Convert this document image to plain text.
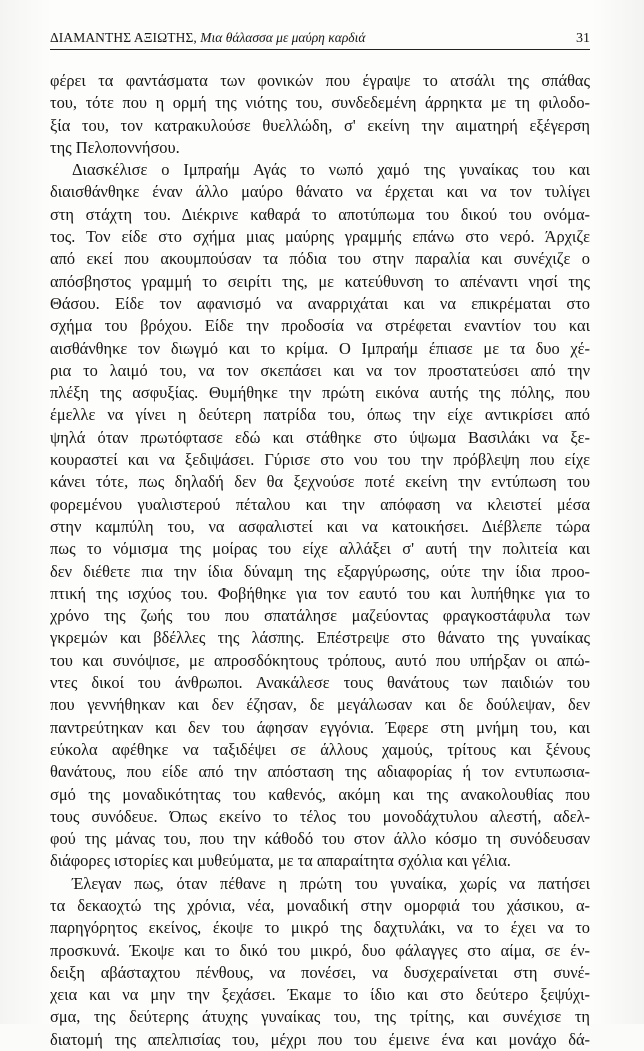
ΔΙΑΜΑΝΤΗΣ ΑΞΙΩΤΗΣ, Μια θάλασσα με μαύρη καρδιά	31
φέρει τα φαντάσματα των φονικών που έγραψε το ατσάλι της σπάθας
του, τότε που η ορμή της νιότης του, συνδεδεμένη άρρηκτα με τη φιλοδο-
ξία του, τον κατρακυλούσε θυελλώδη, σ' εκείνη την αιματηρή εξέγερση
της Πελοποννήσου.
Διασκέλισε ο Ιμπραήμ Αγάς το νωπό χαμό της γυναίκας του και
διαισθάνθηκε έναν άλλο μαύρο θάνατο να έρχεται και να τον τυλίγει
στη στάχτη του. Διέκρινε καθαρά το αποτύπωμα του δικού του ονόμα-
τος. Τον είδε στο σχήμα μιας μαύρης γραμμής επάνω στο νερό. Άρχιζε
από εκεί που ακουμπούσαν τα πόδια του στην παραλία και συνέχιζε ο
απόσβηστος γραμμή το σειρίτι της, με κατεύθυνση το απέναντι νησί της
Θάσου. Είδε τον αφανισμό να αναρριχάται και να επικρέμαται στο
σχήμα του βρόχου. Είδε την προδοσία να στρέφεται εναντίον του και
αισθάνθηκε τον διωγμό και το κρίμα. Ο Ιμπραήμ έπιασε με τα δυο χέ-
ρια το λαιμό του, να τον σκεπάσει και να τον προστατεύσει από την
πλέξη της ασφυξίας. Θυμήθηκε την πρώτη εικόνα αυτής της πόλης, που
έμελλε να γίνει η δεύτερη πατρίδα του, όπως την είχε αντικρίσει από
ψηλά όταν πρωτόφτασε εδώ και στάθηκε στο ύψωμα Βασιλάκι να ξε-
κουραστεί και να ξεδιψάσει. Γύρισε στο νου του την πρόβλεψη που είχε
κάνει τότε, πως δηλαδή δεν θα ξεχνούσε ποτέ εκείνη την εντύπωση του
φορεμένου γυαλιστερού πέταλου και την απόφαση να κλειστεί μέσα
στην καμπύλη του, να ασφαλιστεί και να κατοικήσει. Διέβλεπε τώρα
πως το νόμισμα της μοίρας του είχε αλλάξει σ' αυτή την πολιτεία και
δεν διέθετε πια την ίδια δύναμη της εξαργύρωσης, ούτε την ίδια προο-
πτική της ισχύος του. Φοβήθηκε για τον εαυτό του και λυπήθηκε για το
χρόνο της ζωής του που σπατάλησε μαζεύοντας φραγκοστάφυλα των
γκρεμών και βδέλλες της λάσπης. Επέστρεψε στο θάνατο της γυναίκας
του και συνόψισε, με απροσδόκητους τρόπους, αυτό που υπήρξαν οι απώ-
ντες δικοί του άνθρωποι. Ανακάλεσε τους θανάτους των παιδιών του
που γεννήθηκαν και δεν έζησαν, δε μεγάλωσαν και δε δούλεψαν, δεν
παντρεύτηκαν και δεν του άφησαν εγγόνια. Έφερε στη μνήμη του, και
εύκολα αφέθηκε να ταξιδέψει σε άλλους χαμούς, τρίτους και ξένους
θανάτους, που είδε από την απόσταση της αδιαφορίας ή τον εντυπωσια-
σμό της μοναδικότητας του καθενός, ακόμη και της ανακολουθίας που
τους συνόδευε. Όπως εκείνο το τέλος του μονοδάχτυλου αλεστή, αδελ-
φού της μάνας του, που την κάθοδό του στον άλλο κόσμο τη συνόδευσαν
διάφορες ιστορίες και μυθεύματα, με τα απαραίτητα σχόλια και γέλια.
Έλεγαν πως, όταν πέθανε η πρώτη του γυναίκα, χωρίς να πατήσει
τα δεκαοχτώ της χρόνια, νέα, μοναδική στην ομορφιά του χάσικου, α-
παρηγόρητος εκείνος, έκοψε το μικρό της δαχτυλάκι, να το έχει να το
προσκυνά. Έκοψε και το δικό του μικρό, δυο φάλαγγες στο αίμα, σε έν-
δειξη αβάσταχτου πένθους, να πονέσει, να δυσχεραίνεται στη συνέ-
χεια και να μην την ξεχάσει. Έκαμε το ίδιο και στο δεύτερο ξεψύχι-
σμα, της δεύτερης άτυχης γυναίκας του, της τρίτης, και συνέχισε τη
διατομή της απελπισίας του, μέχρι που του έμεινε ένα και μονάχο δά-
